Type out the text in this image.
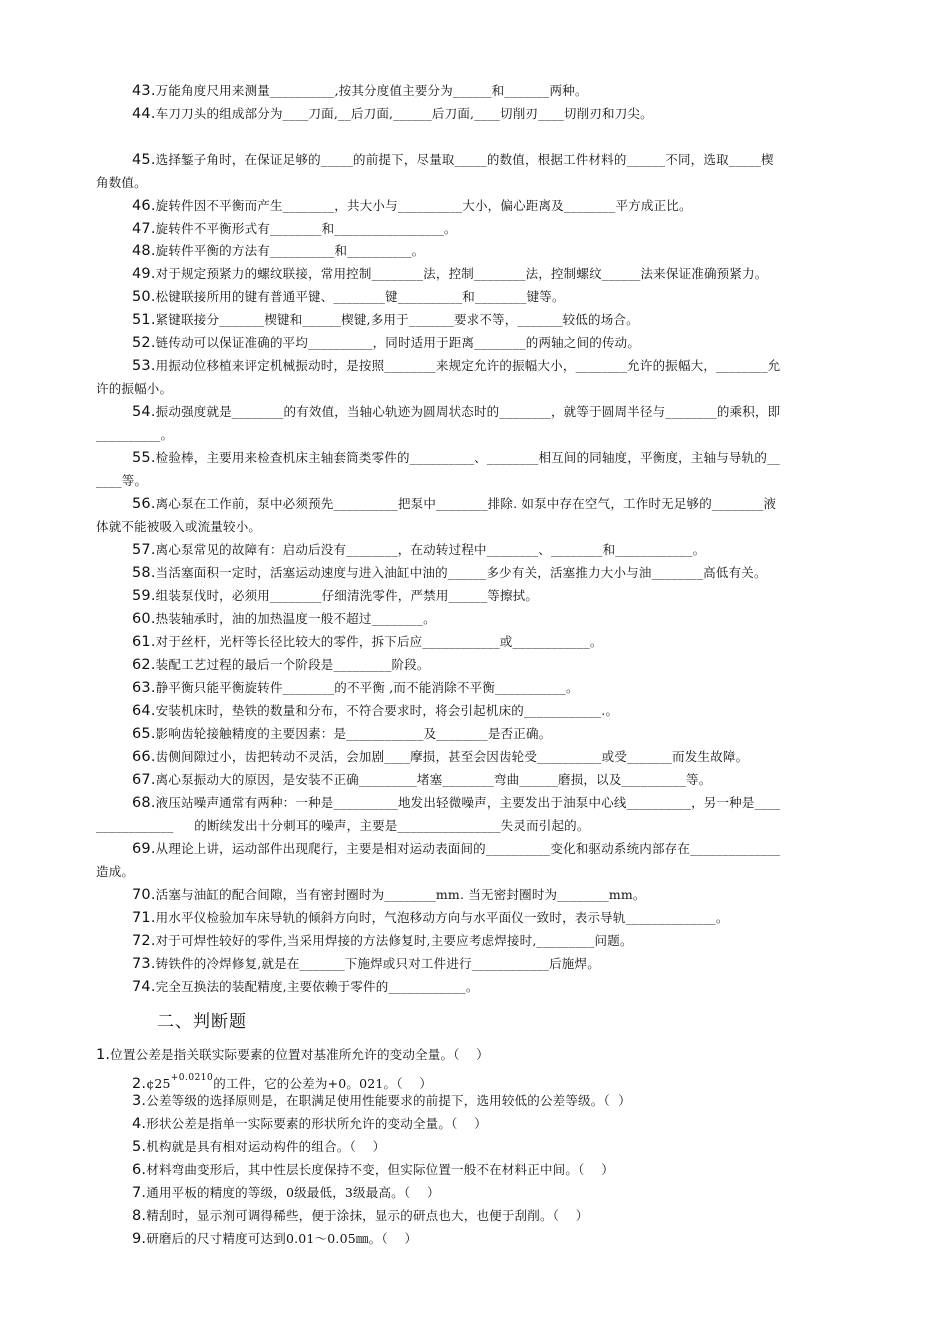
43.万能角度尺用来测量__________,按其分度值主要分为______和_______两种。
44.车刀刀头的组成部分为____刀面,__后刀面,______后刀面,____切削刃____切削刃和刀尖。
45.选择錾子角时，在保证足够的_____的前提下，尽量取_____的数值，根据工件材料的______不同，选取_____楔
角数值。
46.旋转件因不平衡而产生________，共大小与__________大小，偏心距离及________平方成正比。
47.旋转件不平衡形式有________和_________________。
48.旋转件平衡的方法有__________和__________。
49.对于规定预紧力的螺纹联接，常用控制________法，控制________法，控制螺纹______法来保证准确预紧力。
50.松键联接所用的键有普通平键、________键__________和________键等。
51.紧键联接分_______楔键和______楔键,多用于_______要求不等，_______较低的场合。
52.链传动可以保证准确的平均__________，同时适用于距离________的两轴之间的传动。
53.用振动位移植来评定机械振动时，是按照________来规定允许的振幅大小，________允许的振幅大，________允
许的振幅小。
54.振动强度就是________的有效值，当轴心轨迹为圆周状态时的________，就等于圆周半径与________的乘积，即
__________。
55.检验棒，主要用来检查机床主轴套筒类零件的__________、________相互间的同轴度，平衡度，主轴与导轨的__
____等。
56.离心泵在工作前，泵中必须预先__________把泵中________排除. 如泵中存在空气，工作时无足够的________液
体就不能被吸入或流量较小。
57.离心泵常见的故障有：启动后没有________，在动转过程中________、________和____________。
58.当活塞面积一定时，活塞运动速度与进入油缸中油的______多少有关，活塞推力大小与油________高低有关。
59.组装泵伐时，必须用________仔细清洗零件，严禁用______等擦拭。
60.热装轴承时，油的加热温度一般不超过________。
61.对于丝杆，光杆等长径比较大的零件，拆下后应____________或____________。
62.装配工艺过程的最后一个阶段是_________阶段。
63.静平衡只能平衡旋转件________的不平衡 ,而不能消除不平衡___________。
64.安装机床时，垫铁的数量和分布，不符合要求时，将会引起机床的____________.。
65.影响齿轮接触精度的主要因素：是____________及________是否正确。
66.齿侧间隙过小，齿把转动不灵活，会加剧____摩损，甚至会因齿轮受__________或受_______而发生故障。
67.离心泵振动大的原因，是安装不正确_________堵塞________弯曲______磨损，以及__________等。
68.液压站噪声通常有两种：一种是__________地发出轻微噪声，主要发出于油泵中心线__________，另一种是____
____________     的断续发出十分刺耳的噪声，主要是________________失灵而引起的。
69.从理论上讲，运动部件出现爬行，主要是相对运动表面间的__________变化和驱动系统内部存在______________
造成。
70.活塞与油缸的配合间隙，当有密封圈时为________mm. 当无密封圈时为________mm。
71.用水平仪检验加车床导轨的倾斜方向时，气泡移动方向与水平面仪一致时，表示导轨______________。
72.对于可焊性较好的零件,当采用焊接的方法修复时,主要应考虑焊接时,_________问题。
73.铸铁件的冷焊修复,就是在_______下施焊或只对工件进行____________后施焊。
74.完全互换法的装配精度,主要依赖于零件的____________。
二、判断题
1.位置公差是指关联实际要素的位置对基准所允许的变动全量。（    ）
$2.¢25^{+0.0210}$的工件，它的公差为+0。021。（    ）
3.公差等级的选择原则是，在职满足使用性能要求的前提下，选用较低的公差等级。（  ）
4.形状公差是指单一实际要素的形状所允许的变动全量。（    ）
5.机构就是具有相对运动构件的组合。（    ）
6.材料弯曲变形后，其中性层长度保持不变，但实际位置一般不在材料正中间。（    ）
7.通用平板的精度的等级，0级最低，3级最高。（    ）
8.精刮时，显示剂可调得稀些，便于涂抹，显示的研点也大，也便于刮削。（    ）
9.研磨后的尺寸精度可达到0.01～0.05㎜。（    ）
